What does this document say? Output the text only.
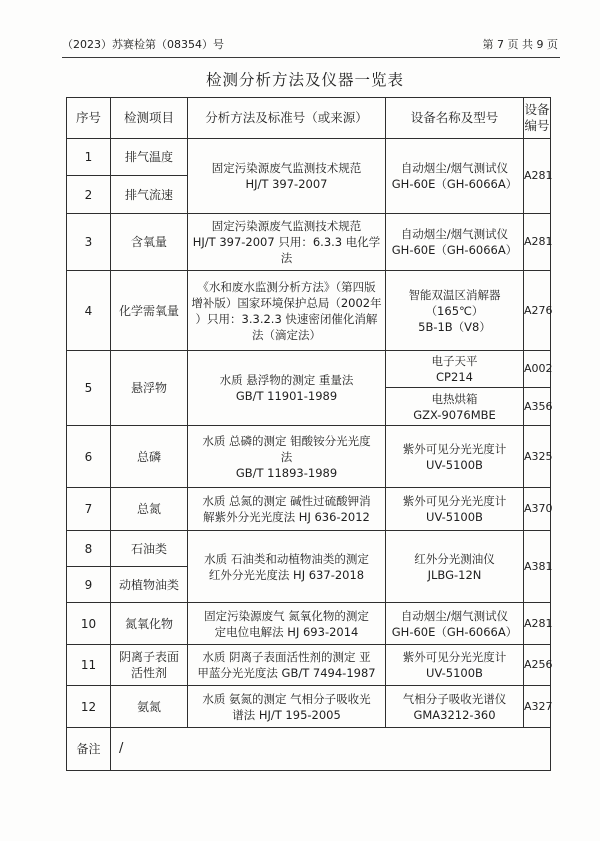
（2023）苏赛检第（08354）号	第 7 页 共 9 页
检测分析方法及仪器一览表
序号	检测项目	分析方法及标准号（或来源）	设备名称及型号	设备
编号

1	排气温度	固定污染源废气监测技术规范
HJ/T 397-2007	自动烟尘/烟气测试仪
GH-60E（GH-6066A）	A281
2	排气流速			

3	含氧量	固定污染源废气监测技术规范
HJ/T 397-2007 只用：6.3.3 电化学
法	自动烟尘/烟气测试仪
GH-60E（GH-6066A）	A281
4	化学需氧量	《水和废水监测分析方法》（第四版
增补版）国家环境保护总局（2002年
）只用：3.3.2.3 快速密闭催化消解
法（滴定法）	智能双温区消解器
（165℃）
5B-1B（V8）	A276
5	悬浮物	水质 悬浮物的测定 重量法
GB/T 11901-1989	电子天平
CP214	A002

			电热烘箱
GZX-9076MBE	A356
6	总磷	水质 总磷的测定 钼酸铵分光光度
法
GB/T 11893-1989	紫外可见分光光度计
UV-5100B	A325
7	总氮	水质 总氮的测定 碱性过硫酸钾消
解紫外分光光度法 HJ 636-2012	紫外可见分光光度计
UV-5100B	A370
8	石油类	水质 石油类和动植物油类的测定
红外分光光度法 HJ 637-2018	红外分光测油仪
JLBG-12N	A381
9	动植物油类			

10	氮氧化物	固定污染源废气 氮氧化物的测定
定电位电解法 HJ 693-2014	自动烟尘/烟气测试仪
GH-60E（GH-6066A）	A281
11	阴离子表面
活性剂	水质 阴离子表面活性剂的测定 亚
甲蓝分光光度法 GB/T 7494-1987	紫外可见分光光度计
UV-5100B	A256
12	氨氮	水质 氨氮的测定 气相分子吸收光
谱法 HJ/T 195-2005	气相分子吸收光谱仪
GMA3212-360	A327
备注	/			
